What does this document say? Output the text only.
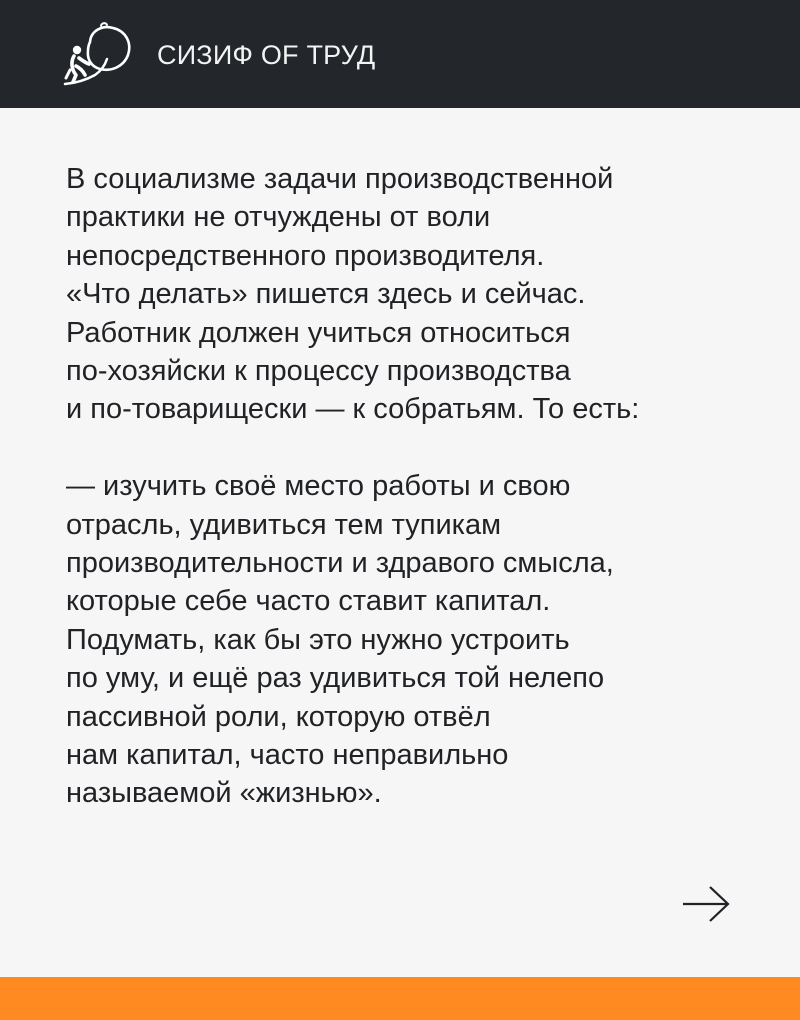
СИЗИФ OF ТРУД
В социализме задачи производственной
практики не отчуждены от воли
непосредственного производителя.
«Что делать» пишется здесь и сейчас.
Работник должен учиться относиться
по-хозяйски к процессу производства
и по-товарищески — к собратьям. То есть:
— изучить своё место работы и свою
отрасль, удивиться тем тупикам
производительности и здравого смысла,
которые себе часто ставит капитал.
Подумать, как бы это нужно устроить
по уму, и ещё раз удивиться той нелепо
пассивной роли, которую отвёл
нам капитал, часто неправильно
называемой «жизнью».
